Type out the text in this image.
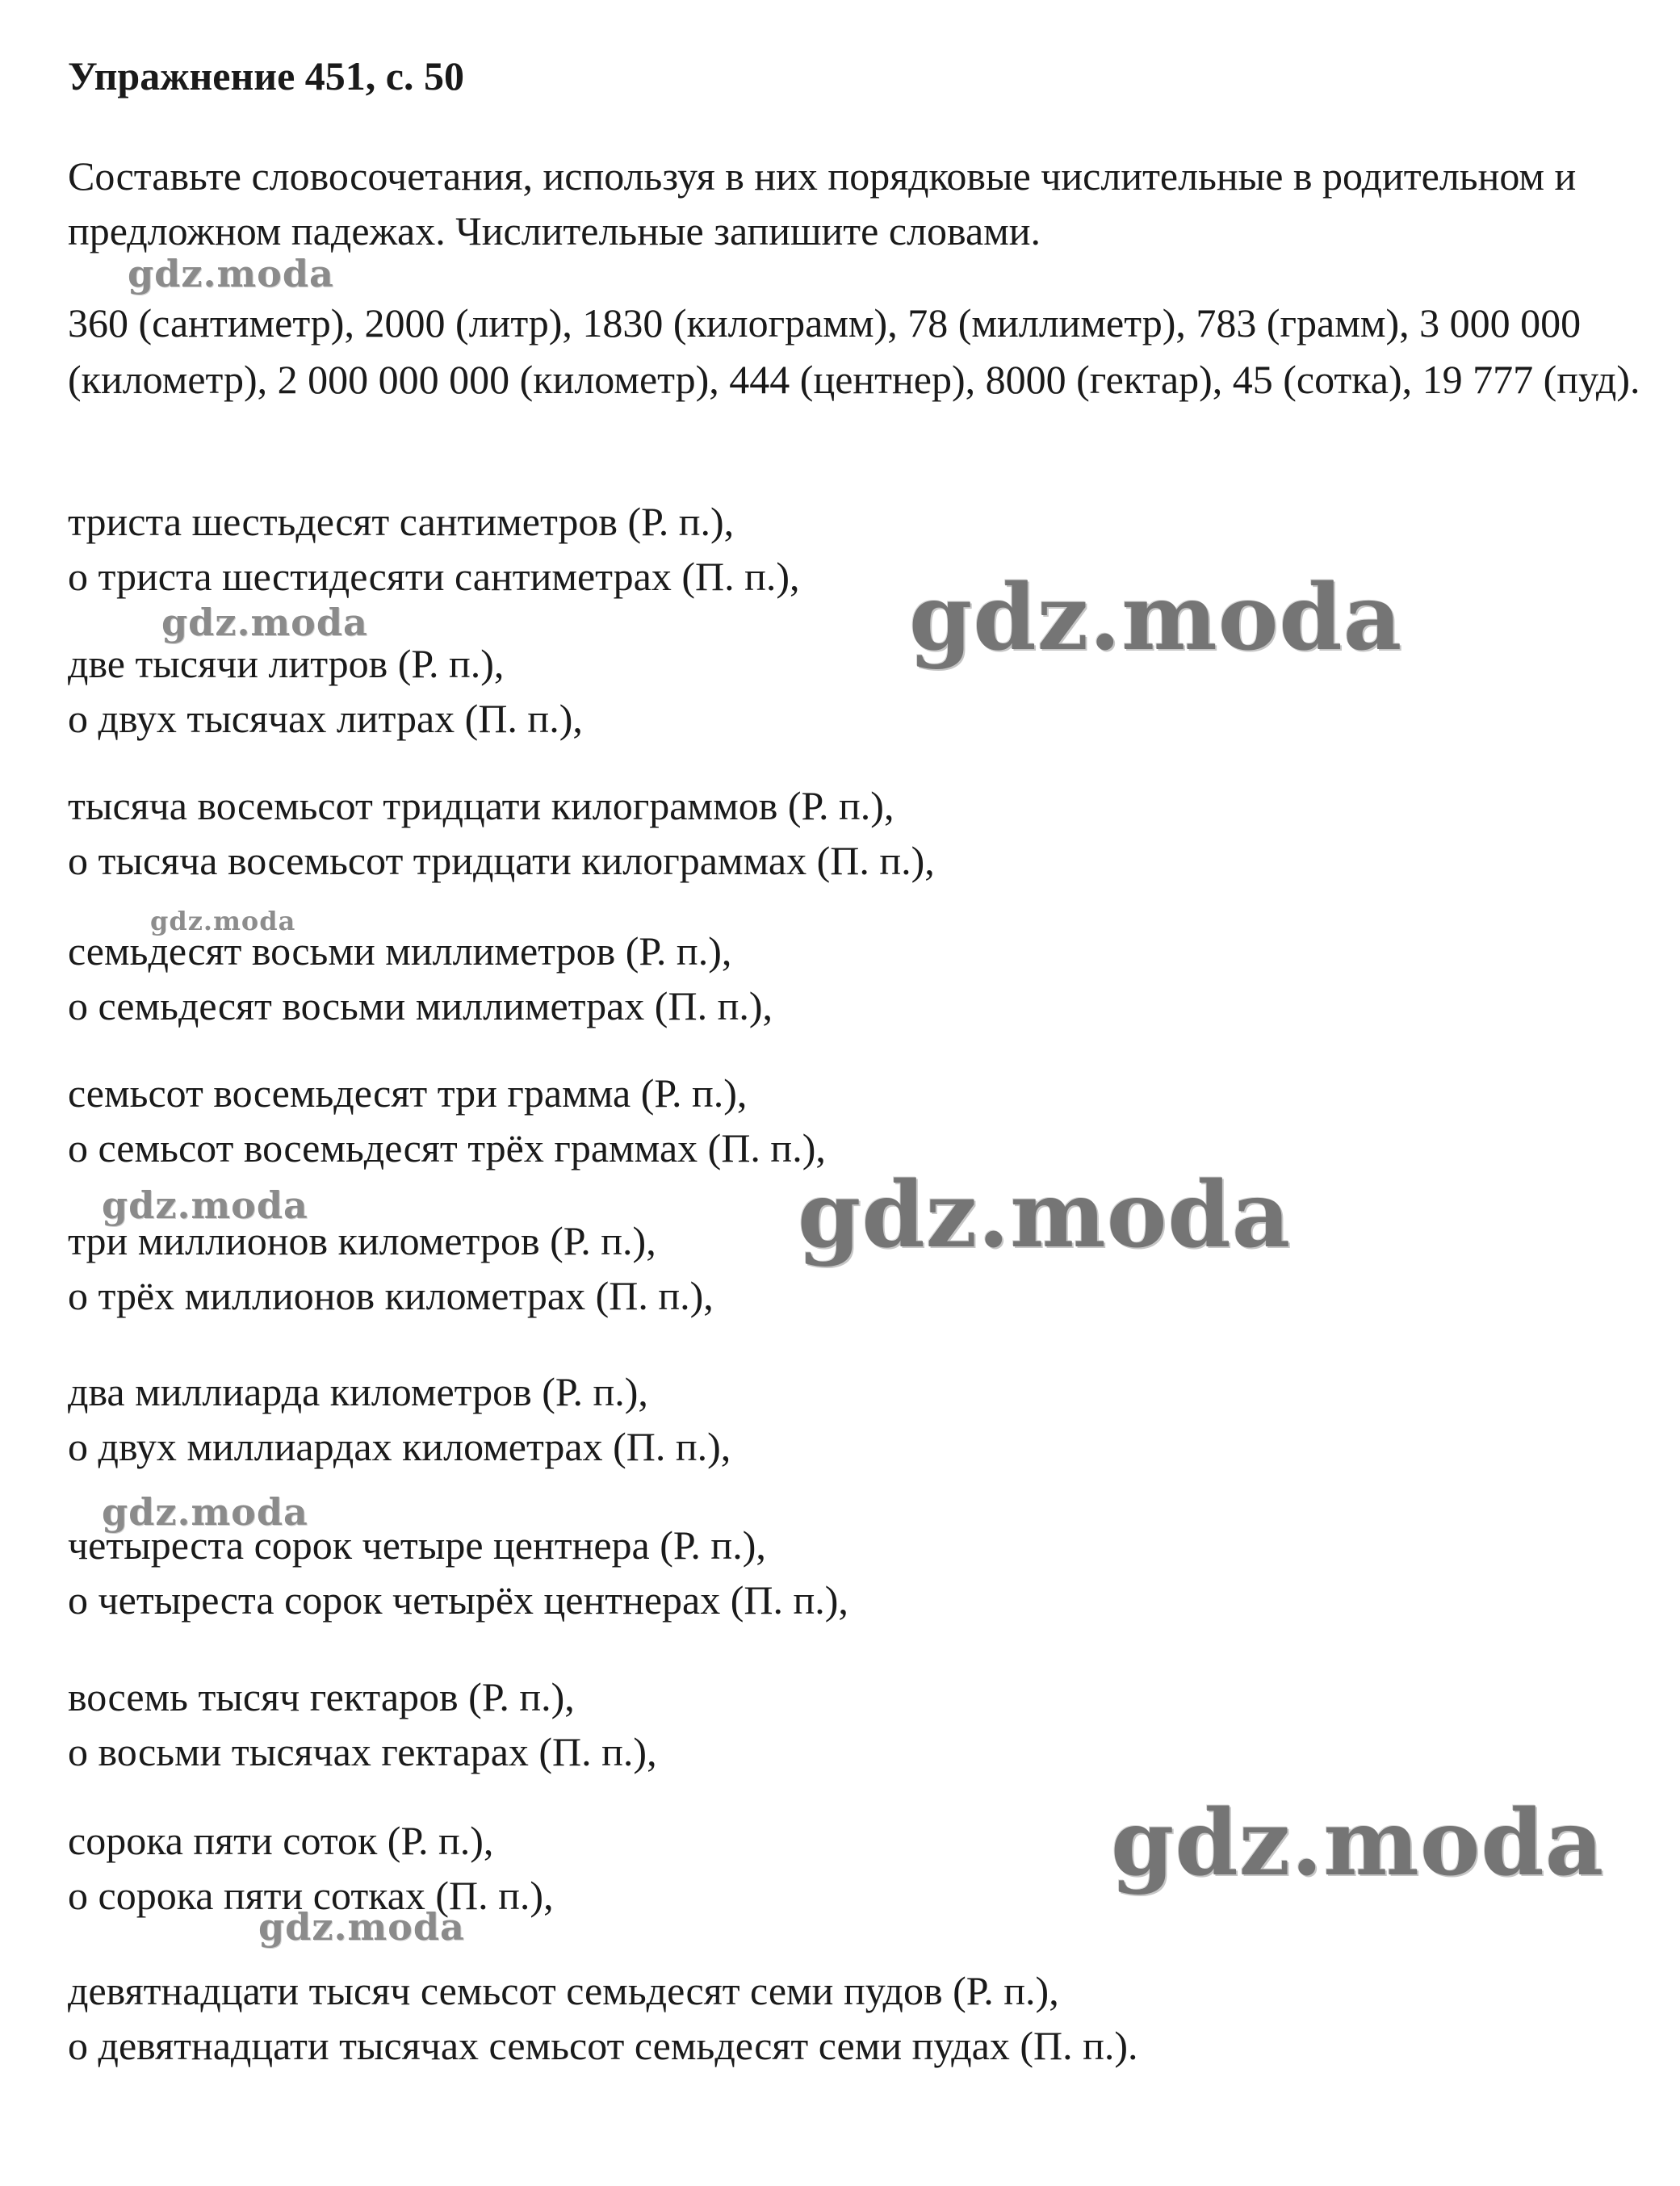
Упражнение 451, с. 50

Составьте словосочетания, используя в них порядковые числительные в родительном и предложном падежах. Числительные запишите словами.

360 (сантиметр), 2000 (литр), 1830 (килограмм), 78 (миллиметр), 783 (грамм), 3 000 000 (километр), 2 000 000 000 (километр), 444 (центнер), 8000 (гектар), 45 (сотка), 19 777 (пуд).

триста шестьдесят сантиметров (Р. п.),
о триста шестидесяти сантиметрах (П. п.),
две тысячи литров (Р. п.),
о двух тысячах литрах (П. п.),
тысяча восемьсот тридцати килограммов (Р. п.),
о тысяча восемьсот тридцати килограммах (П. п.),
семьдесят восьми миллиметров (Р. п.),
о семьдесят восьми миллиметрах (П. п.),
семьсот восемьдесят три грамма (Р. п.),
о семьсот восемьдесят трёх граммах (П. п.),
три миллионов километров (Р. п.),
о трёх миллионов километрах (П. п.),
два миллиарда километров (Р. п.),
о двух миллиардах километрах (П. п.),
четыреста сорок четыре центнера (Р. п.),
о четыреста сорок четырёх центнерах (П. п.),
восемь тысяч гектаров (Р. п.),
о восьми тысячах гектарах (П. п.),
сорока пяти соток (Р. п.),
о сорока пяти сотках (П. п.),
девятнадцати тысяч семьсот семьдесят семи пудов (Р. п.),
о девятнадцати тысячах семьсот семьдесят семи пудах (П. п.).
gdz.moda
gdz.moda	gdz.moda
gdz.moda
gdz.moda	gdz.moda
gdz.moda
gdz.moda
gdz.moda
